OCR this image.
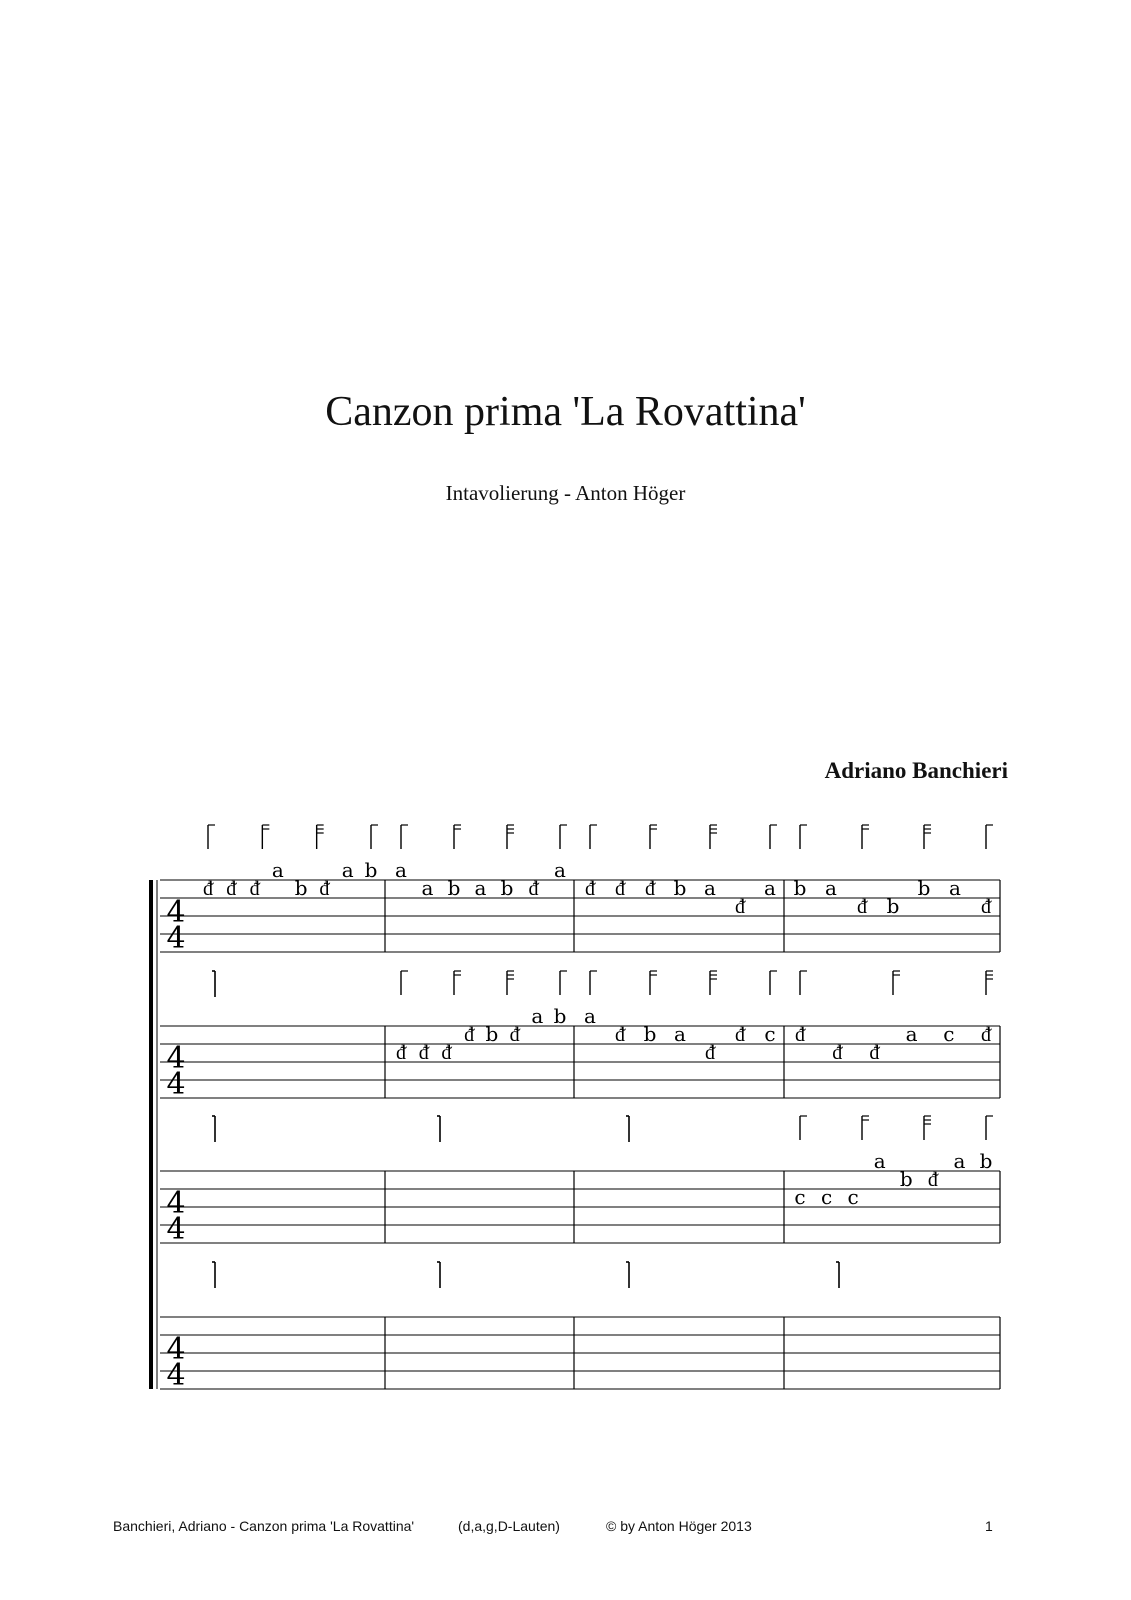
Canzon prima 'La Rovattina'
Intavolierung - Anton Höger
Adriano Banchieri
4
4
ᵭ ᵭ ᵭ
a
b ᵭ
a b a
a b a b ᵭ
a
ᵭ ᵭ ᵭ b a
ᵭ
a b a
ᵭ b
b a
ᵭ
4
4
ᵭ ᵭ ᵭ
ᵭ b ᵭ
a b a
ᵭ b a
ᵭ
ᵭ c ᵭ
ᵭ ᵭ
a c ᵭ
4
4
c c c
a
b ᵭ
a b
4
4
Banchieri, Adriano - Canzon prima 'La Rovattina'	(d,a,g,D-Lauten)	© by Anton Höger 2013	1
